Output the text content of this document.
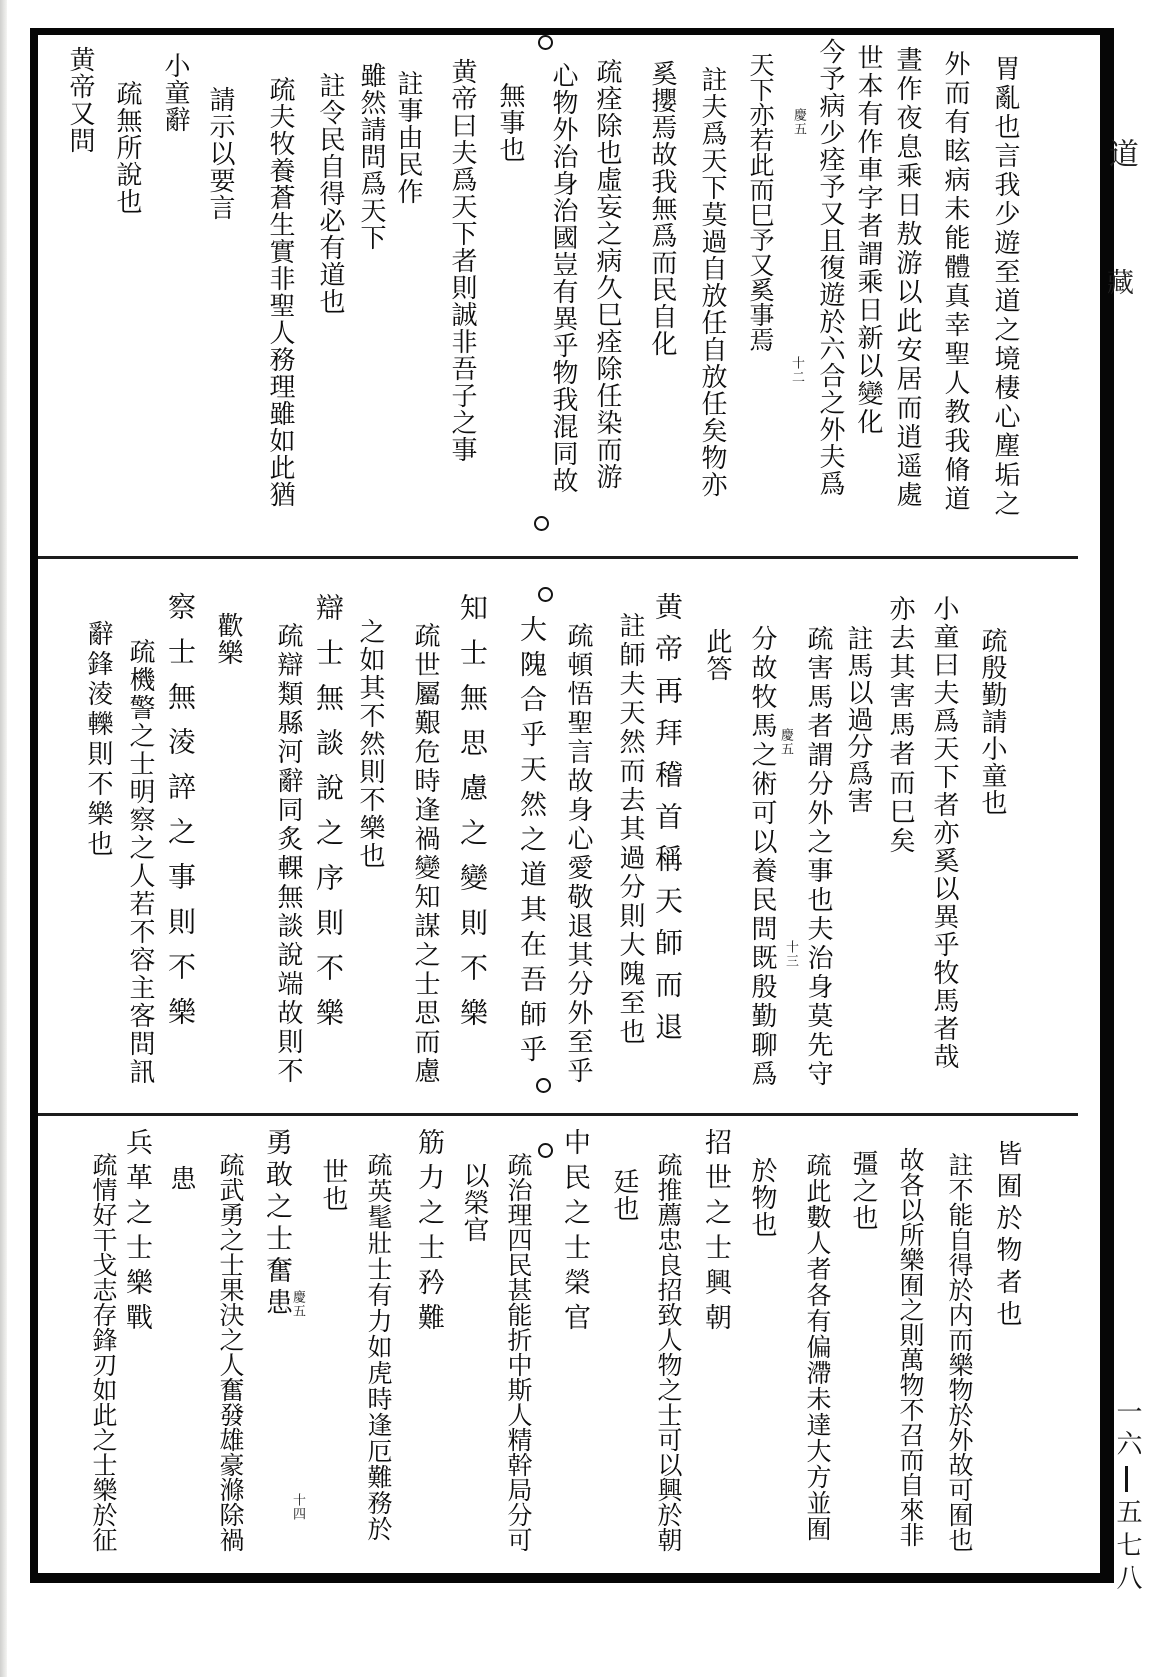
道
藏
一六
五七八
胃亂也言我少遊至道之境棲心塵垢之
外而有眩病未能體真幸聖人教我脩道
晝作夜息乘日敖游以此安居而逍遥處
世本有作車字者謂乘日新以變化
今予病少痊予又且復遊於六合之外夫爲
天下亦若此而巳予又奚事焉
註夫爲天下莫過自放任自放任矣物亦
奚攖焉故我無爲而民自化
疏痊除也虛妄之病久巳痊除任染而游
心物外治身治國豈有異乎物我混同故
無事也
黄帝曰夫爲天下者則誠非吾子之事
註事由民作
雖然請問爲天下
註令民自得必有道也
疏夫牧養蒼生實非聖人務理雖如此猶
請示以要言
小童辭
疏無所說也
黄帝又問
疏殷勤請小童也
小童曰夫爲天下者亦奚以異乎牧馬者哉
亦去其害馬者而巳矣
註馬以過分爲害
疏害馬者謂分外之事也夫治身莫先守
分故牧馬之術可以養民問既殷勤聊爲
此答
黄帝再拜稽首稱天師而退
註師夫天然而去其過分則大隗至也
疏頓悟聖言故身心愛敬退其分外至乎
大隗合乎天然之道其在吾師乎
知士無思慮之變則不樂
疏世屬艱危時逢禍變知謀之士思而慮
之如其不然則不樂也
辯士無談說之序則不樂
疏辯類縣河辭同炙輠無談說端故則不
歡樂
察士無淩誶之事則不樂
疏機警之士明察之人若不容主客問訊
辭鋒淩轢則不樂也
皆囿於物者也
註不能自得於内而樂物於外故可囿也
故各以所樂囿之則萬物不召而自來非
彊之也
疏此數人者各有偏滯未達大方並囿
於物也
招世之士興朝
疏推薦忠良招致人物之士可以興於朝
廷也
中民之士榮官
疏治理四民甚能折中斯人精幹局分可
以榮官
筋力之士矜難
疏英髦壯士有力如虎時逢厄難務於
世也
勇敢之士奮患
疏武勇之士果決之人奮發雄豪滌除禍
患
兵革之士樂戰
疏情好干戈志存鋒刃如此之士樂於征
慶五
十二
慶五
十三
慶五
十四
